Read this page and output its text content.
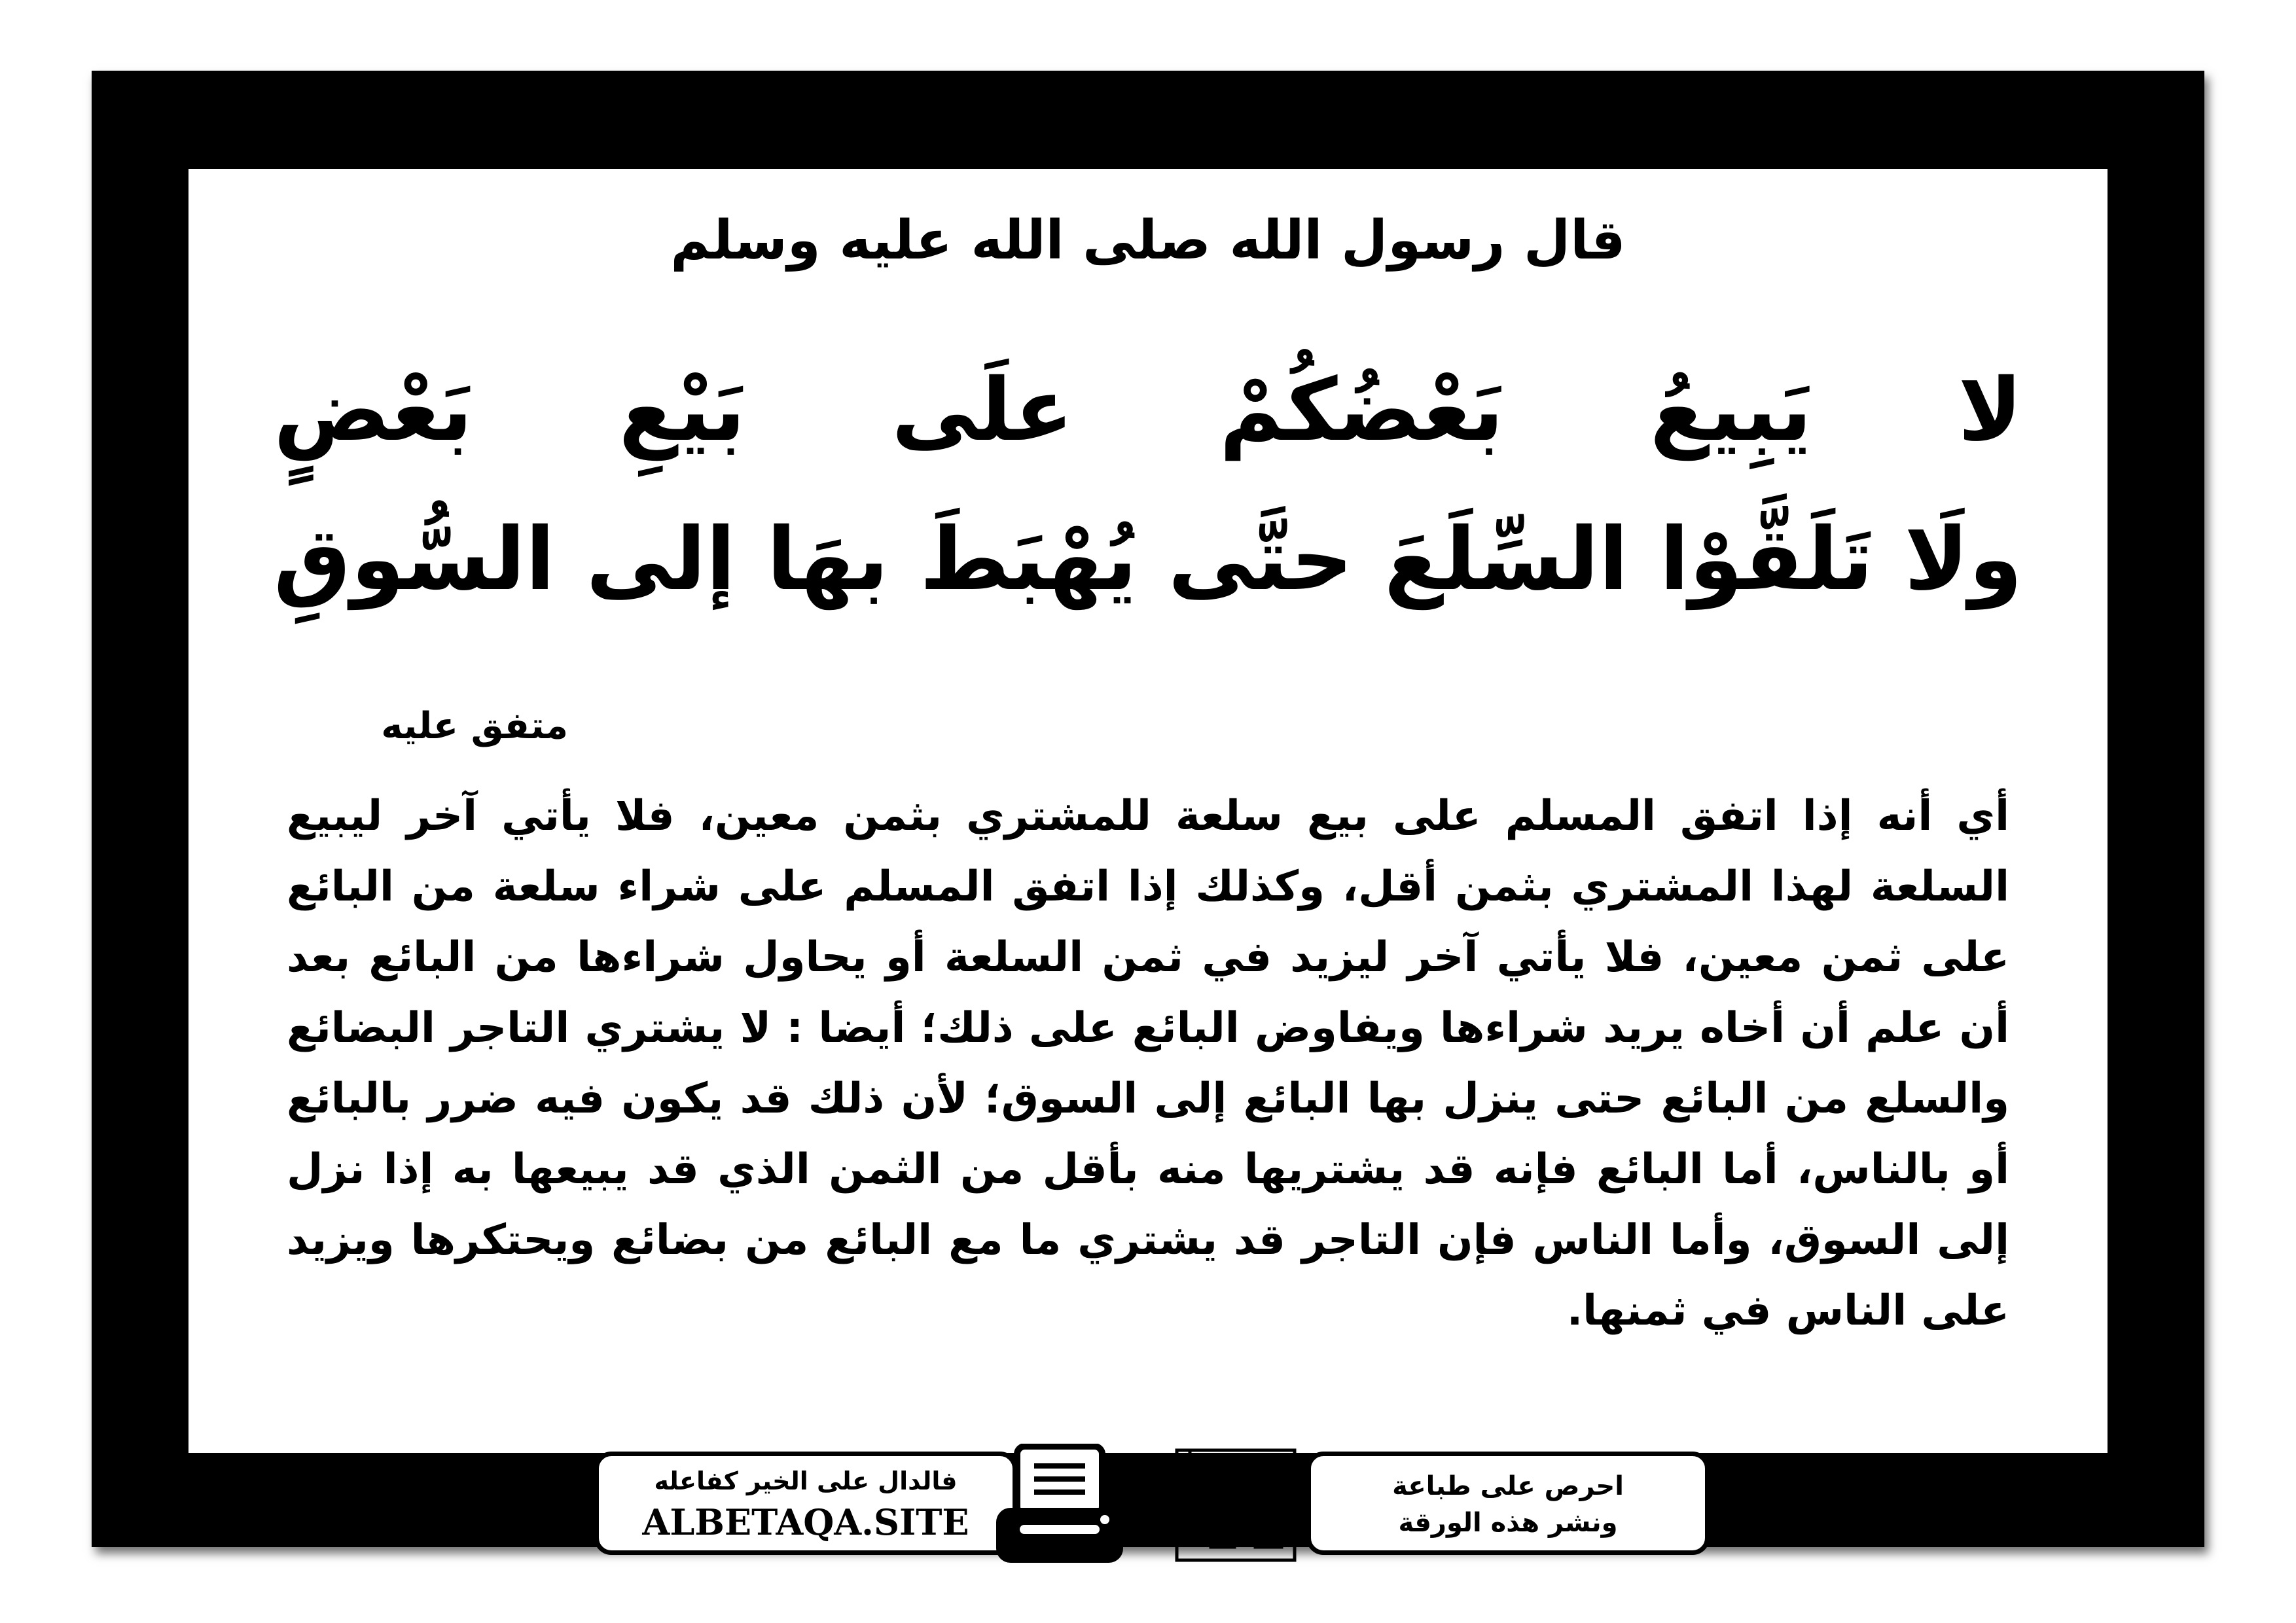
قال رسول الله صلى الله عليه وسلم
لا يَبِيعُ بَعْضُكُمْ علَى بَيْعِ بَعْضٍ
ولَا تَلَقَّوْا السِّلَعَ حتَّى يُهْبَطَ بهَا إلى السُّوقِ
متفق عليه
أي أنه إذا اتفق المسلم على بيع سلعة للمشتري بثمن معين، فلا يأتي آخر ليبيع السلعة لهذا المشتري بثمن أقل، وكذلك إذا اتفق المسلم على شراء سلعة من البائع على ثمن معين، فلا يأتي آخر ليزيد في ثمن السلعة أو يحاول شراءها من البائع بعد أن علم أن أخاه يريد شراءها ويفاوض البائع على ذلك؛ أيضا : لا يشتري التاجر البضائع والسلع من البائع حتى ينزل بها البائع إلى السوق؛ لأن ذلك قد يكون فيه ضرر بالبائع أو بالناس، أما البائع فإنه قد يشتريها منه بأقل من الثمن الذي قد يبيعها به إذا نزل إلى السوق، وأما الناس فإن التاجر قد يشتري ما مع البائع من بضائع ويحتكرها ويزيد على الناس في ثمنها.
فالدال على الخير كفاعله
ALBETAQA.SITE
احرص على طباعة
ونشر هذه الورقة
